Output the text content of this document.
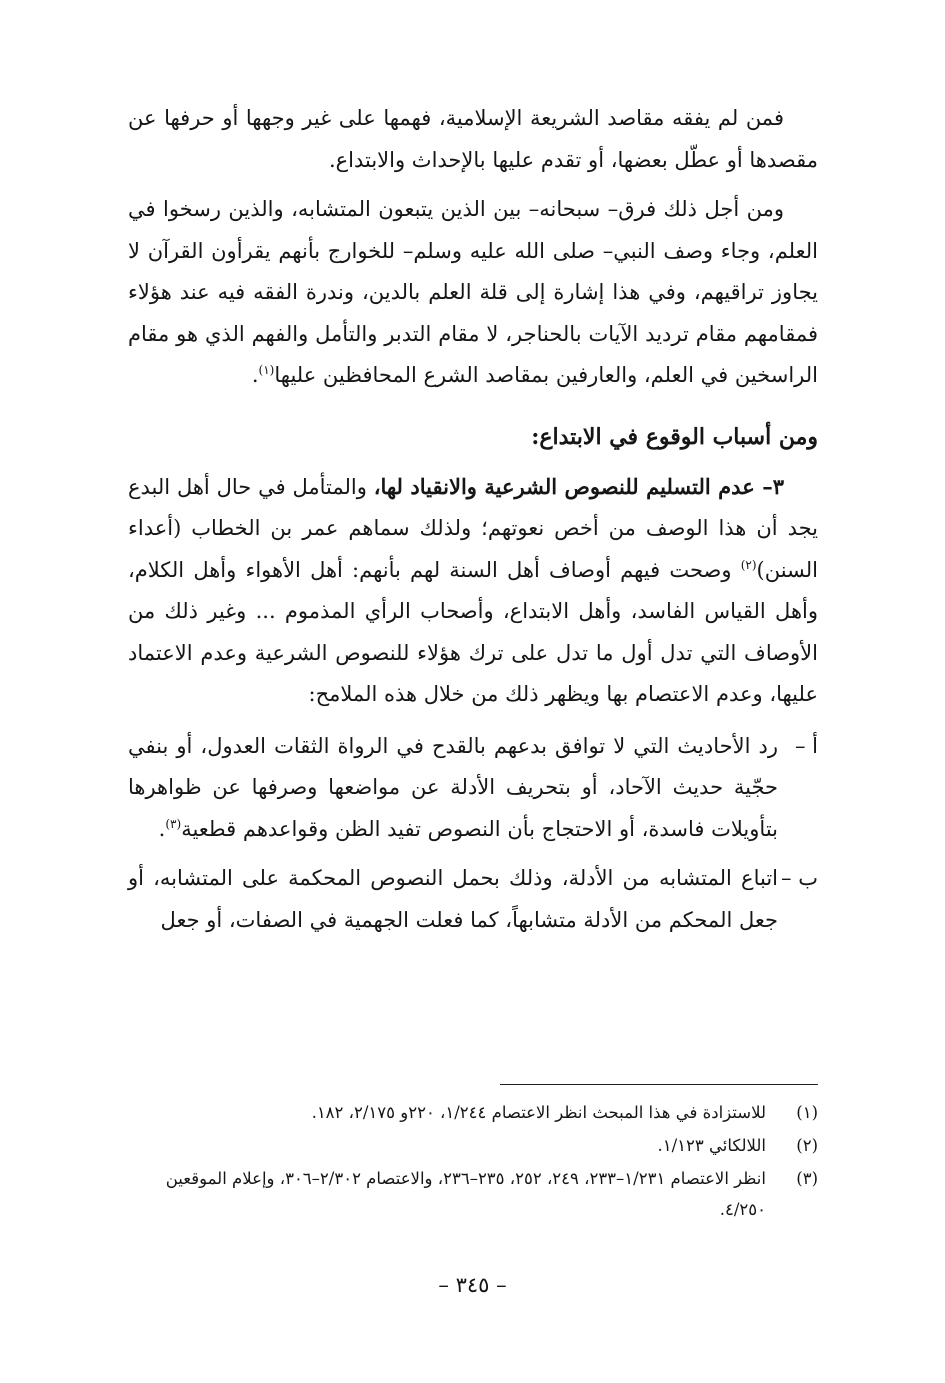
فمن لم يفقه مقاصد الشريعة الإسلامية، فهمها على غير وجهها أو حرفها عن مقصدها أو عطّل بعضها، أو تقدم عليها بالإحداث والابتداع.

ومن أجل ذلك فرق– سبحانه– بين الذين يتبعون المتشابه، والذين رسخوا في العلم، وجاء وصف النبي– صلى الله عليه وسلم– للخوارج بأنهم يقرأون القرآن لا يجاوز تراقيهم، وفي هذا إشارة إلى قلة العلم بالدين، وندرة الفقه فيه عند هؤلاء فمقامهم مقام ترديد الآيات بالحناجر، لا مقام التدبر والتأمل والفهم الذي هو مقام الراسخين في العلم، والعارفين بمقاصد الشرع المحافظين عليها$^{(١)}$.

ومن أسباب الوقوع في الابتداع:

٣– عدم التسليم للنصوص الشرعية والانقياد لها، والمتأمل في حال أهل البدع يجد أن هذا الوصف من أخص نعوتهم؛ ولذلك سماهم عمر بن الخطاب (أعداء السنن)$^{(٢)}$ وصحت فيهم أوصاف أهل السنة لهم بأنهم: أهل الأهواء وأهل الكلام، وأهل القياس الفاسد، وأهل الابتداع، وأصحاب الرأي المذموم ... وغير ذلك من الأوصاف التي تدل أول ما تدل على ترك هؤلاء للنصوص الشرعية وعدم الاعتماد عليها، وعدم الاعتصام بها ويظهر ذلك من خلال هذه الملامح:

أ –
رد الأحاديث التي لا توافق بدعهم بالقدح في الرواة الثقات العدول، أو بنفي حجّية حديث الآحاد، أو بتحريف الأدلة عن مواضعها وصرفها عن ظواهرها بتأويلات فاسدة، أو الاحتجاج بأن النصوص تفيد الظن وقواعدهم قطعية$^{(٣)}$.
ب –
اتباع المتشابه من الأدلة، وذلك بحمل النصوص المحكمة على المتشابه، أو جعل المحكم من الأدلة متشابهاً، كما فعلت الجهمية في الصفات، أو جعل
(١)
للاستزادة في هذا المبحث انظر الاعتصام ١/٢٤٤، ٢٢٠و ٢/١٧٥، ١٨٢.
(٢)
اللالكائي ١/١٢٣.
(٣)
انظر الاعتصام ١/٢٣١–٢٣٣، ٢٤٩، ٢٥٢، ٢٣٥–٢٣٦، والاعتصام ٢/٣٠٢–٣٠٦، وإعلام الموقعين ٤/٢٥٠.
– ٣٤٥ –
